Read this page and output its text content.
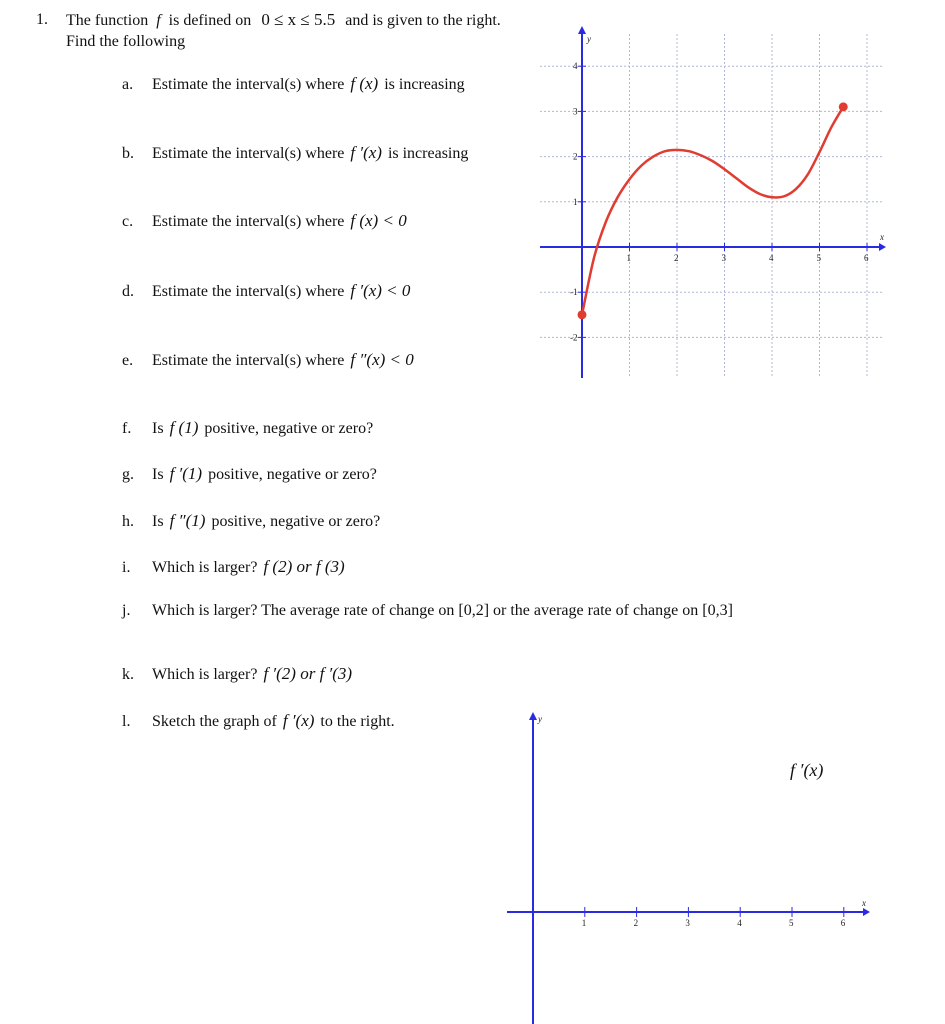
1. The function f is defined on 0 ≤ x ≤ 5.5 and is given to the right.
Find the following
a. Estimate the interval(s) where f (x) is increasing
b. Estimate the interval(s) where f ′(x) is increasing
c. Estimate the interval(s) where f (x) < 0
d. Estimate the interval(s) where f ′(x) < 0
e. Estimate the interval(s) where f ″(x) < 0
f. Is f (1) positive, negative or zero?
g. Is f ′(1) positive, negative or zero?
h. Is f ″(1) positive, negative or zero?
i. Which is larger? f (2) or f (3)
j. Which is larger? The average rate of change on [0,2] or the average rate of change on [0,3]
k. Which is larger? f ′(2) or f ′(3)
l. Sketch the graph of f ′(x) to the right.
x
y
1	2	3	4	5	6
4
3
2
1
-1
-2
x
y
1	2	3	4	5	6
f ′(x)
